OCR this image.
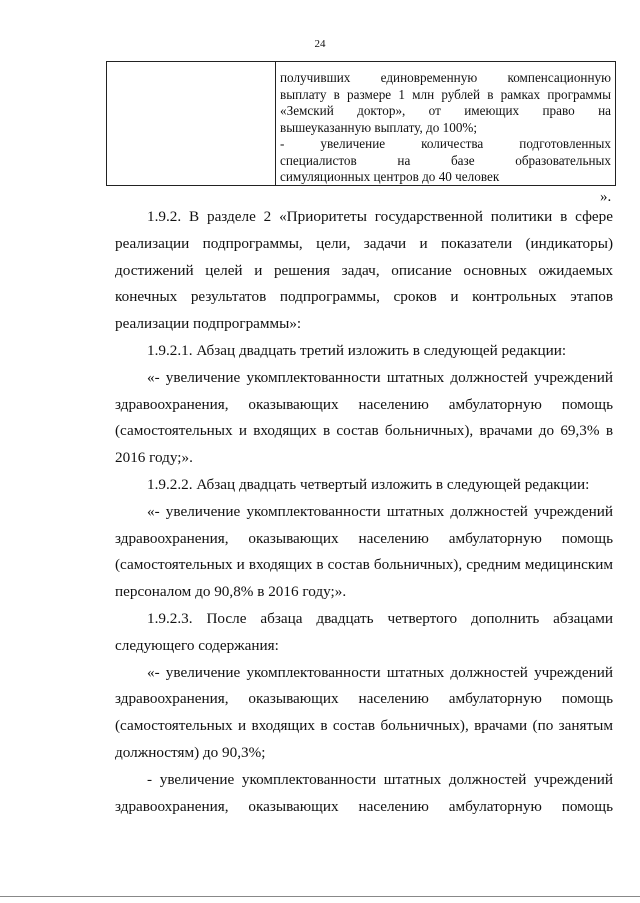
24

получивших единовременную компенсационную

выплату в размере 1 млн рублей в рамках программы

«Земский доктор», от имеющих право на

вышеуказанную выплату, до 100%;

- увеличение количества подготовленных

специалистов на базе образовательных

симуляционных центров до 40 человек

».

1.9.2. В разделе 2 «Приоритеты государственной политики в сфере реализации подпрограммы, цели, задачи и показатели (индикаторы) достижений целей и решения задач, описание основных ожидаемых конечных результатов подпрограммы, сроков и контрольных этапов реализации подпрограммы»:

1.9.2.1. Абзац двадцать третий изложить в следующей редакции:

«- увеличение укомплектованности штатных должностей учреждений здравоохранения, оказывающих населению амбулаторную помощь (самостоятельных и входящих в состав больничных), врачами до 69,3% в 2016 году;».

1.9.2.2. Абзац двадцать четвертый изложить в следующей редакции:

«- увеличение укомплектованности штатных должностей учреждений здравоохранения, оказывающих населению амбулаторную помощь (самостоятельных и входящих в состав больничных), средним медицинским персоналом до 90,8% в 2016 году;».

1.9.2.3. После абзаца двадцать четвертого дополнить абзацами следующего содержания:

«- увеличение укомплектованности штатных должностей учреждений здравоохранения, оказывающих населению амбулаторную помощь (самостоятельных и входящих в состав больничных), врачами (по занятым должностям) до 90,3%;

- увеличение укомплектованности штатных должностей учреждений здравоохранения, оказывающих населению амбулаторную помощь
